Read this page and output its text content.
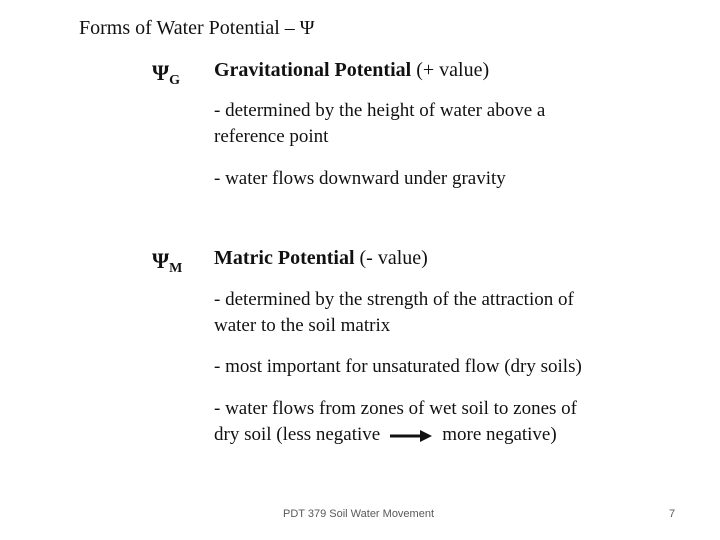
Forms of Water Potential – Ψ
$\Psi_G$ Gravitational Potential (+ value)
- determined by the height of water above a
reference point
- water flows downward under gravity
$\Psi_M$ Matric Potential (- value)
- determined by the strength of the attraction of
water to the soil matrix
- most important for unsaturated flow (dry soils)
- water flows from zones of wet soil to zones of
dry soil (less negative	more negative)
PDT 379 Soil Water Movement	7
